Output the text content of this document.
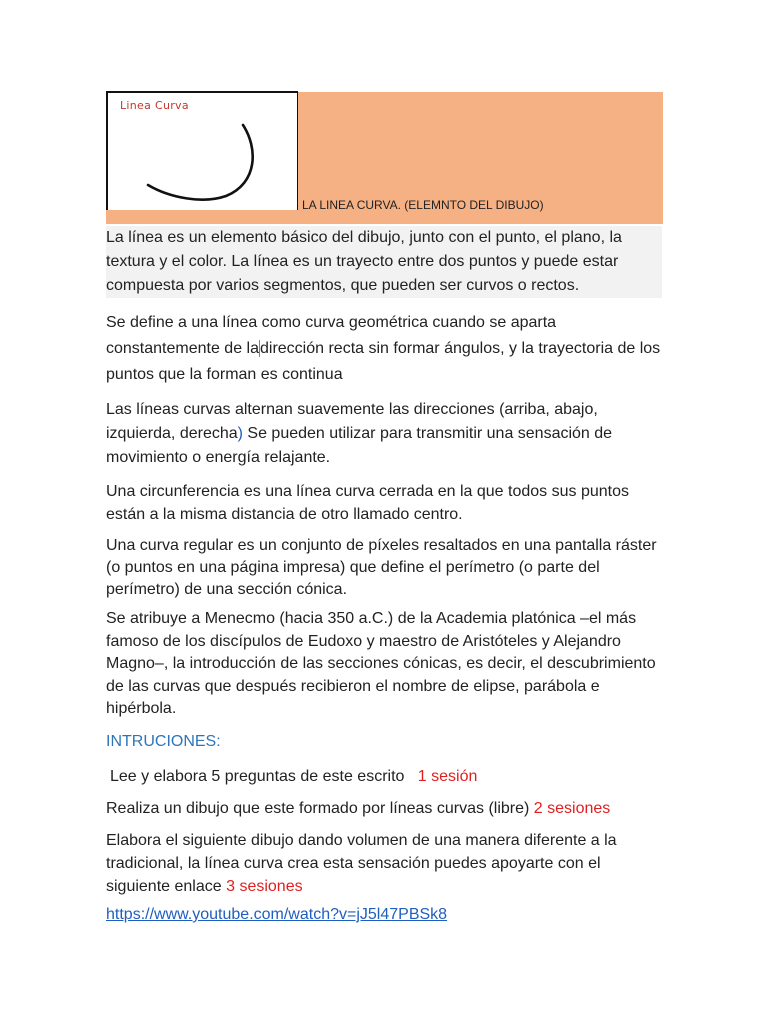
Linea Curva
LA LINEA CURVA. (ELEMNTO DEL DIBUJO)

La línea es un elemento básico del dibujo, junto con el punto, el plano, la textura y el color. La línea es un trayecto entre dos puntos y puede estar compuesta por varios segmentos, que pueden ser curvos o rectos.

Se define a una línea como curva geométrica cuando se aparta constantemente de ladirección recta sin formar ángulos, y la trayectoria de los puntos que la forman es continua

Las líneas curvas alternan suavemente las direcciones (arriba, abajo, izquierda, derecha) Se pueden utilizar para transmitir una sensación de movimiento o energía relajante.

Una circunferencia es una línea curva cerrada en la que todos sus puntos están a la misma distancia de otro llamado centro.

Una curva regular es un conjunto de píxeles resaltados en una pantalla ráster (o puntos en una página impresa) que define el perímetro (o parte del perímetro) de una sección cónica.

Se atribuye a Menecmo (hacia 350 a.C.) de la Academia platónica –el más famoso de los discípulos de Eudoxo y maestro de Aristóteles y Alejandro Magno–, la introducción de las secciones cónicas, es decir, el descubrimiento de las curvas que después recibieron el nombre de elipse, parábola e hipérbola.

INTRUCIONES:

Lee y elabora 5 preguntas de este escrito 1 sesión

Realiza un dibujo que este formado por líneas curvas (libre) 2 sesiones

Elabora el siguiente dibujo dando volumen de una manera diferente a la tradicional, la línea curva crea esta sensación puedes apoyarte con el siguiente enlace 3 sesiones

https://www.youtube.com/watch?v=jJ5l47PBSk8
